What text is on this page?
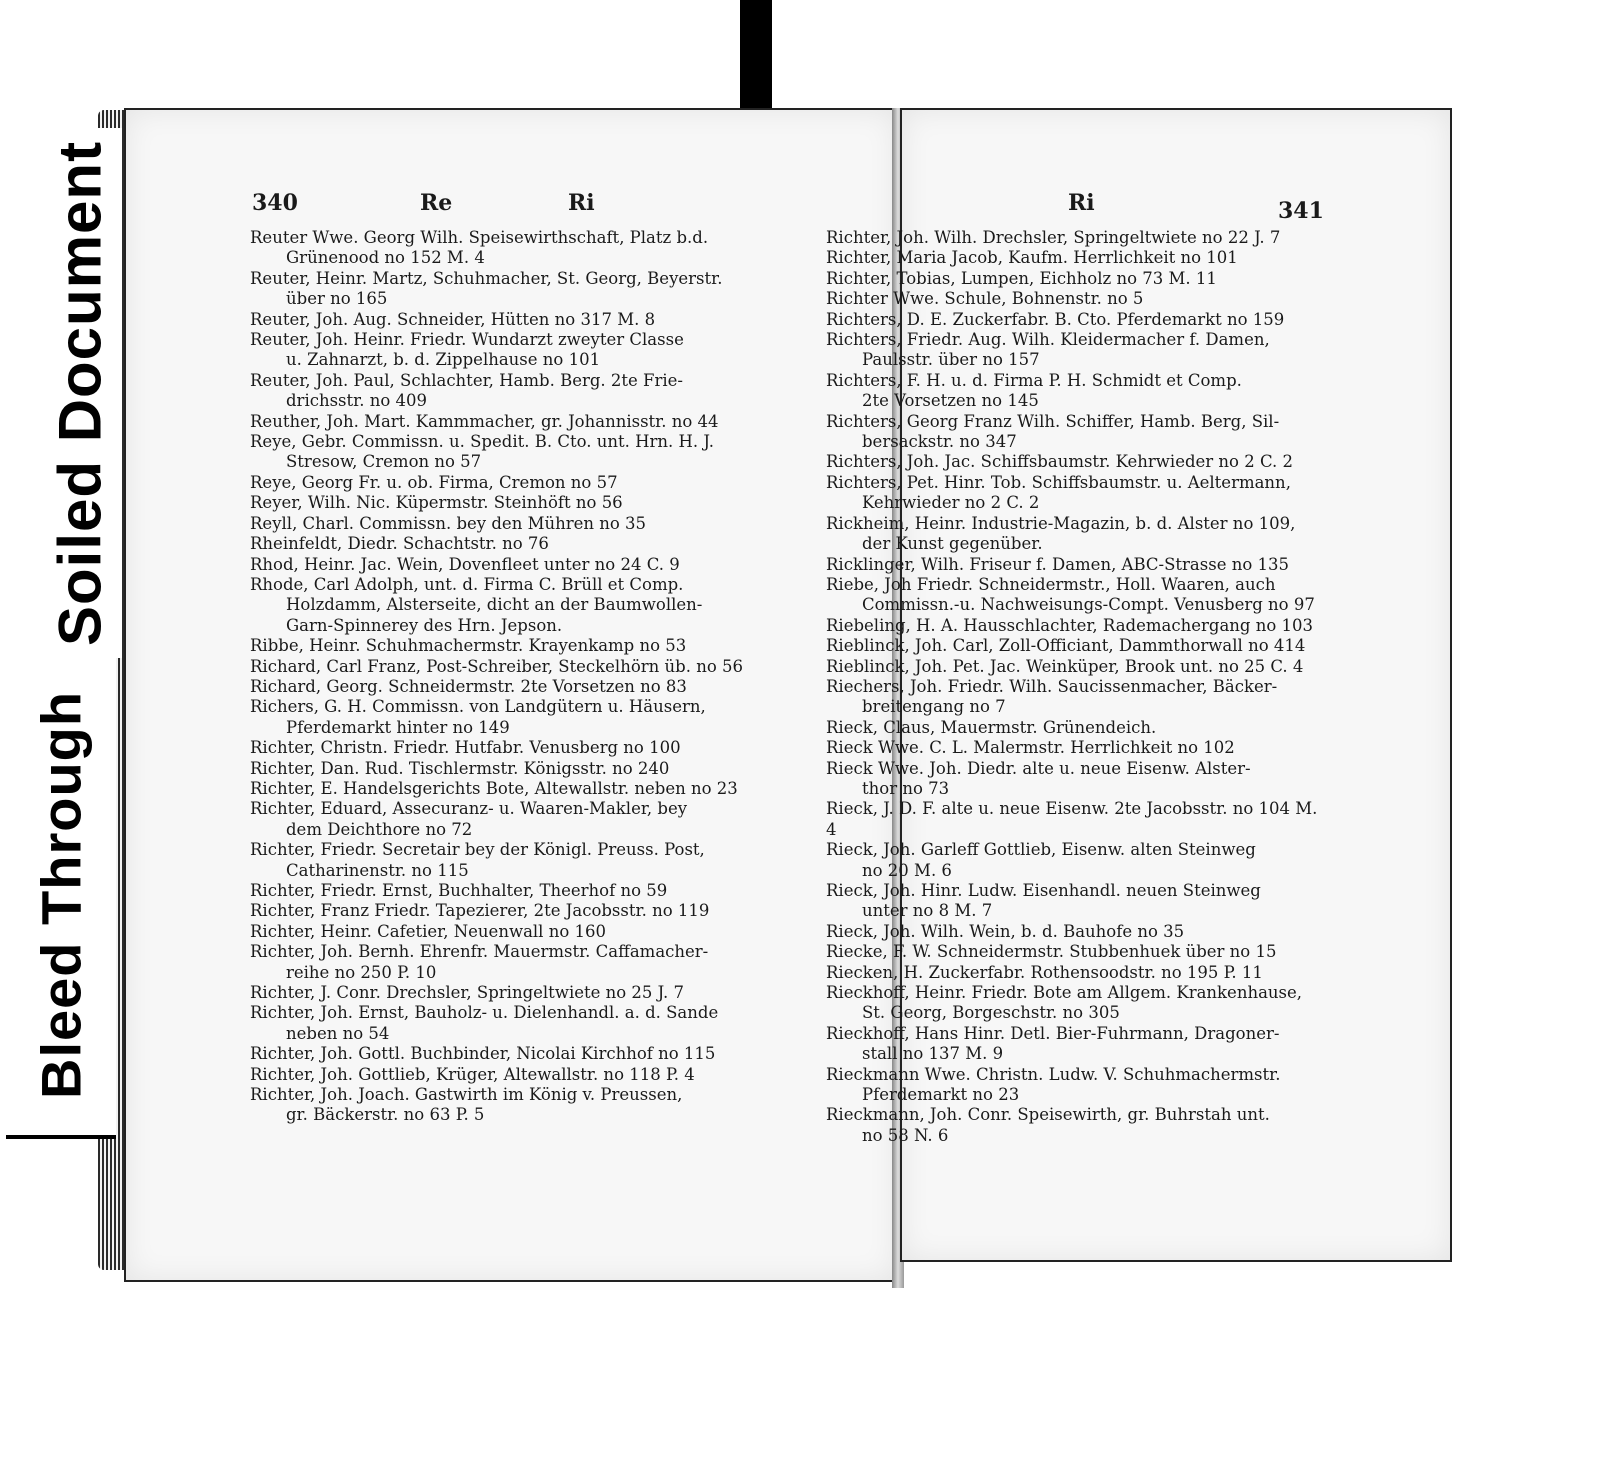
340	Re	Ri	Ri	341
Reuter Wwe. Georg Wilh. Speisewirthschaft, Platz b.d.
Grünenood no 152 M. 4
Reuter, Heinr. Martz, Schuhmacher, St. Georg, Beyerstr.
über no 165
Reuter, Joh. Aug. Schneider, Hütten no 317 M. 8
Reuter, Joh. Heinr. Friedr. Wundarzt zweyter Classe
u. Zahnarzt, b. d. Zippelhause no 101
Reuter, Joh. Paul, Schlachter, Hamb. Berg. 2te Frie-
drichsstr. no 409
Reuther, Joh. Mart. Kammmacher, gr. Johannisstr. no 44
Reye, Gebr. Commissn. u. Spedit. B. Cto. unt. Hrn. H. J.
Stresow, Cremon no 57
Reye, Georg Fr. u. ob. Firma, Cremon no 57
Reyer, Wilh. Nic. Küpermstr. Steinhöft no 56
Reyll, Charl. Commissn. bey den Mühren no 35
Rheinfeldt, Diedr. Schachtstr. no 76
Rhod, Heinr. Jac. Wein, Dovenfleet unter no 24 C. 9
Rhode, Carl Adolph, unt. d. Firma C. Brüll et Comp.
Holzdamm, Alsterseite, dicht an der Baumwollen-
Garn-Spinnerey des Hrn. Jepson.
Ribbe, Heinr. Schuhmachermstr. Krayenkamp no 53
Richard, Carl Franz, Post-Schreiber, Steckelhörn üb. no 56
Richard, Georg. Schneidermstr. 2te Vorsetzen no 83
Richers, G. H. Commissn. von Landgütern u. Häusern,
Pferdemarkt hinter no 149
Richter, Christn. Friedr. Hutfabr. Venusberg no 100
Richter, Dan. Rud. Tischlermstr. Königsstr. no 240
Richter, E. Handelsgerichts Bote, Altewallstr. neben no 23
Richter, Eduard, Assecuranz- u. Waaren-Makler, bey
dem Deichthore no 72
Richter, Friedr. Secretair bey der Königl. Preuss. Post,
Catharinenstr. no 115
Richter, Friedr. Ernst, Buchhalter, Theerhof no 59
Richter, Franz Friedr. Tapezierer, 2te Jacobsstr. no 119
Richter, Heinr. Cafetier, Neuenwall no 160
Richter, Joh. Bernh. Ehrenfr. Mauermstr. Caffamacher-
reihe no 250 P. 10
Richter, J. Conr. Drechsler, Springeltwiete no 25 J. 7
Richter, Joh. Ernst, Bauholz- u. Dielenhandl. a. d. Sande
neben no 54
Richter, Joh. Gottl. Buchbinder, Nicolai Kirchhof no 115
Richter, Joh. Gottlieb, Krüger, Altewallstr. no 118 P. 4
Richter, Joh. Joach. Gastwirth im König v. Preussen,
gr. Bäckerstr. no 63 P. 5
Richter, Joh. Wilh. Drechsler, Springeltwiete no 22 J. 7
Richter, Maria Jacob, Kaufm. Herrlichkeit no 101
Richter, Tobias, Lumpen, Eichholz no 73 M. 11
Richter Wwe. Schule, Bohnenstr. no 5
Richters, D. E. Zuckerfabr. B. Cto. Pferdemarkt no 159
Richters, Friedr. Aug. Wilh. Kleidermacher f. Damen,
Paulsstr. über no 157
Richters, F. H. u. d. Firma P. H. Schmidt et Comp.
2te Vorsetzen no 145
Richters, Georg Franz Wilh. Schiffer, Hamb. Berg, Sil-
bersackstr. no 347
Richters, Joh. Jac. Schiffsbaumstr. Kehrwieder no 2 C. 2
Richters, Pet. Hinr. Tob. Schiffsbaumstr. u. Aeltermann,
Kehrwieder no 2 C. 2
Rickheim, Heinr. Industrie-Magazin, b. d. Alster no 109,
der Kunst gegenüber.
Ricklinger, Wilh. Friseur f. Damen, ABC-Strasse no 135
Riebe, Joh Friedr. Schneidermstr., Holl. Waaren, auch
Commissn.-u. Nachweisungs-Compt. Venusberg no 97
Riebeling, H. A. Hausschlachter, Rademachergang no 103
Rieblinck, Joh. Carl, Zoll-Officiant, Dammthorwall no 414
Rieblinck, Joh. Pet. Jac. Weinküper, Brook unt. no 25 C. 4
Riechers, Joh. Friedr. Wilh. Saucissenmacher, Bäcker-
breitengang no 7
Rieck, Claus, Mauermstr. Grünendeich.
Rieck Wwe. C. L. Malermstr. Herrlichkeit no 102
Rieck Wwe. Joh. Diedr. alte u. neue Eisenw. Alster-
thor no 73
Rieck, J. D. F. alte u. neue Eisenw. 2te Jacobsstr. no 104 M. 4
Rieck, Joh. Garleff Gottlieb, Eisenw. alten Steinweg
no 20 M. 6
Rieck, Joh. Hinr. Ludw. Eisenhandl. neuen Steinweg
unter no 8 M. 7
Rieck, Joh. Wilh. Wein, b. d. Bauhofe no 35
Riecke, F. W. Schneidermstr. Stubbenhuek über no 15
Riecken, H. Zuckerfabr. Rothensoodstr. no 195 P. 11
Rieckhoff, Heinr. Friedr. Bote am Allgem. Krankenhause,
St. Georg, Borgeschstr. no 305
Rieckhoff, Hans Hinr. Detl. Bier-Fuhrmann, Dragoner-
stall no 137 M. 9
Rieckmann Wwe. Christn. Ludw. V. Schuhmachermstr.
Pferdemarkt no 23
Rieckmann, Joh. Conr. Speisewirth, gr. Buhrstah unt.
no 58 N. 6
Soiled Document
Bleed Through
